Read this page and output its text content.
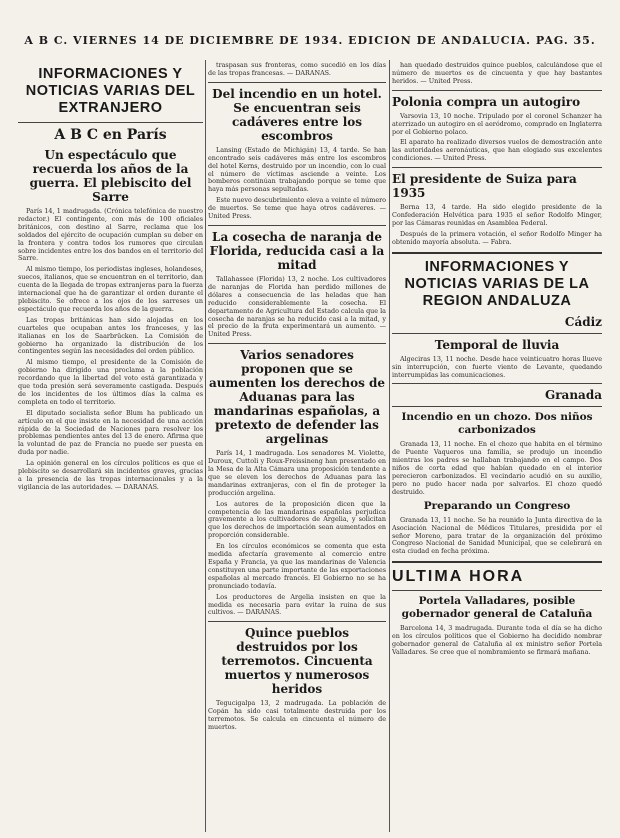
A B C. VIERNES 14 DE DICIEMBRE DE 1934. EDICION DE ANDALUCIA. PAG. 35.
INFORMACIONES Y NOTICIAS VARIAS DEL EXTRANJERO
A B C en París
Un espectáculo que recuerda los años de la guerra. El plebiscito del Sarre

París 14, 1 madrugada. (Crónica telefónica de nuestro redactor.) El contingente, con más de 100 oficiales británicos, con destino al Sarre, reclama que los soldados del ejército de ocupación cumplan su deber en la frontera y contra todos los rumores que circulan sobre incidentes entre los dos bandos en el territorio del Sarre.

Al mismo tiempo, los periodistas ingleses, holandeses, suecos, italianos, que se encuentran en el territorio, dan cuenta de la llegada de tropas extranjeras para la fuerza internacional que ha de garantizar el orden durante el plebiscito. Se ofrece a los ojos de los sarreses un espectáculo que recuerda los años de la guerra.

Las tropas británicas han sido alojadas en los cuarteles que ocupaban antes los franceses, y las italianas en los de Saarbrücken. La Comisión de gobierno ha organizado la distribución de los contingentes según las necesidades del orden público.

Al mismo tiempo, el presidente de la Comisión de gobierno ha dirigido una proclama a la población recordando que la libertad del voto está garantizada y que toda presión será severamente castigada. Después de los incidentes de los últimos días la calma es completa en todo el territorio.

El diputado socialista señor Blum ha publicado un artículo en el que insiste en la necesidad de una acción rápida de la Sociedad de Naciones para resolver los problemas pendientes antes del 13 de enero. Afirma que la voluntad de paz de Francia no puede ser puesta en duda por nadie.

La opinión general en los círculos políticos es que el plebiscito se desarrollará sin incidentes graves, gracias a la presencia de las tropas internacionales y a la vigilancia de las autoridades. — DARANAS.

traspasan sus fronteras, como sucedió en los días de las tropas francesas. — DARANAS.

Del incendio en un hotel. Se encuentran seis cadáveres entre los escombros

Lansing (Estado de Michigán) 13, 4 tarde. Se han encontrado seis cadáveres más entre los escombros del hotel Kerns, destruido por un incendio, con lo cual el número de víctimas asciende a veinte. Los bomberos continúan trabajando porque se teme que haya más personas sepultadas.

Este nuevo descubrimiento eleva a veinte el número de muertos. Se teme que haya otros cadáveres. — United Press.

La cosecha de naranja de Florida, reducida casi a la mitad

Tallahassee (Florida) 13, 2 noche. Los cultivadores de naranjas de Florida han perdido millones de dólares a consecuencia de las heladas que han reducido considerablemente la cosecha. El departamento de Agricultura del Estado calcula que la cosecha de naranjas se ha reducido casi a la mitad, y el precio de la fruta experimentará un aumento. — United Press.

Varios senadores proponen que se aumenten los derechos de Aduanas para las mandarinas españolas, a pretexto de defender las argelinas

París 14, 1 madrugada. Los senadores M. Violette, Duroux, Cuttoli y Roux-Freissineng han presentado en la Mesa de la Alta Cámara una proposición tendente a que se eleven los derechos de Aduanas para las mandarinas extranjeras, con el fin de proteger la producción argelina.

Los autores de la proposición dicen que la competencia de las mandarinas españolas perjudica gravemente a los cultivadores de Argelia, y solicitan que los derechos de importación sean aumentados en proporción considerable.

En los círculos económicos se comenta que esta medida afectaría gravemente al comercio entre España y Francia, ya que las mandarinas de Valencia constituyen una parte importante de las exportaciones españolas al mercado francés. El Gobierno no se ha pronunciado todavía.

Los productores de Argelia insisten en que la medida es necesaria para evitar la ruina de sus cultivos. — DARANAS.

Quince pueblos destruidos por los terremotos. Cincuenta muertos y numerosos heridos

Tegucigalpa 13, 2 madrugada. La población de Copán ha sido casi totalmente destruida por los terremotos. Se calcula en cincuenta el número de muertos.

han quedado destruidos quince pueblos, calculándose que el número de muertos es de cincuenta y que hay bastantes heridos. — United Press.

Polonia compra un autogiro

Varsovia 13, 10 noche. Tripulado por el coronel Schanzer ha aterrizado un autogiro en el aeródromo, comprado en Inglaterra por el Gobierno polaco.

El aparato ha realizado diversos vuelos de demostración ante las autoridades aeronáuticas, que han elogiado sus excelentes condiciones. — United Press.

El presidente de Suiza para 1935

Berna 13, 4 tarde. Ha sido elegido presidente de la Confederación Helvética para 1935 el señor Rodolfo Minger, por las Cámaras reunidas en Asamblea Federal.

Después de la primera votación, el señor Rodolfo Minger ha obtenido mayoría absoluta. — Fabra.

INFORMACIONES Y NOTICIAS VARIAS DE LA REGION ANDALUZA
Cádiz
Temporal de lluvia

Algeciras 13, 11 noche. Desde hace veinticuatro horas llueve sin interrupción, con fuerte viento de Levante, quedando interrumpidas las comunicaciones.

Granada
Incendio en un chozo. Dos niños carbonizados

Granada 13, 11 noche. En el chozo que habita en el término de Puente Vaqueros una familia, se produjo un incendio mientras los padres se hallaban trabajando en el campo. Dos niños de corta edad que habían quedado en el interior perecieron carbonizados. El vecindario acudió en su auxilio, pero no pudo hacer nada por salvarlos. El chozo quedó destruido.

Preparando un Congreso

Granada 13, 11 noche. Se ha reunido la Junta directiva de la Asociación Nacional de Médicos Titulares, presidida por el señor Moreno, para tratar de la organización del próximo Congreso Nacional de Sanidad Municipal, que se celebrará en esta ciudad en fecha próxima.

ULTIMA HORA
Portela Valladares, posible gobernador general de Cataluña

Barcelona 14, 3 madrugada. Durante toda el día se ha dicho en los círculos políticos que el Gobierno ha decidido nombrar gobernador general de Cataluña al ex ministro señor Portela Valladares. Se cree que el nombramiento se firmará mañana.
